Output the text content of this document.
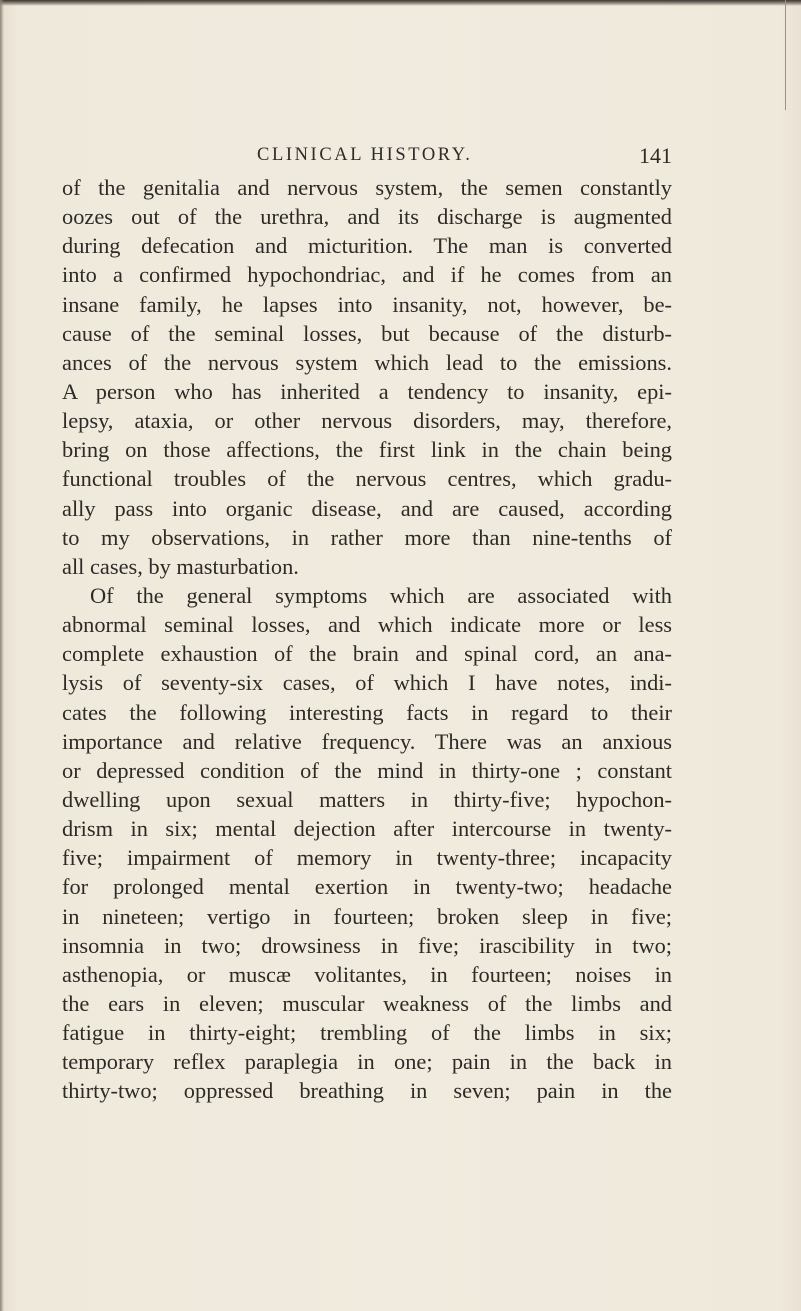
CLINICAL HISTORY.	141
of the genitalia and nervous system, the semen constantly
oozes out of the urethra, and its discharge is augmented
during defecation and micturition. The man is converted
into a confirmed hypochondriac, and if he comes from an
insane family, he lapses into insanity, not, however, be-
cause of the seminal losses, but because of the disturb-
ances of the nervous system which lead to the emissions.
A person who has inherited a tendency to insanity, epi-
lepsy, ataxia, or other nervous disorders, may, therefore,
bring on those affections, the first link in the chain being
functional troubles of the nervous centres, which gradu-
ally pass into organic disease, and are caused, according
to my observations, in rather more than nine-tenths of
all cases, by masturbation.
Of the general symptoms which are associated with
abnormal seminal losses, and which indicate more or less
complete exhaustion of the brain and spinal cord, an ana-
lysis of seventy-six cases, of which I have notes, indi-
cates the following interesting facts in regard to their
importance and relative frequency. There was an anxious
or depressed condition of the mind in thirty-one ; constant
dwelling upon sexual matters in thirty-five; hypochon-
drism in six; mental dejection after intercourse in twenty-
five; impairment of memory in twenty-three; incapacity
for prolonged mental exertion in twenty-two; headache
in nineteen; vertigo in fourteen; broken sleep in five;
insomnia in two; drowsiness in five; irascibility in two;
asthenopia, or muscæ volitantes, in fourteen; noises in
the ears in eleven; muscular weakness of the limbs and
fatigue in thirty-eight; trembling of the limbs in six;
temporary reflex paraplegia in one; pain in the back in
thirty-two; oppressed breathing in seven; pain in the
